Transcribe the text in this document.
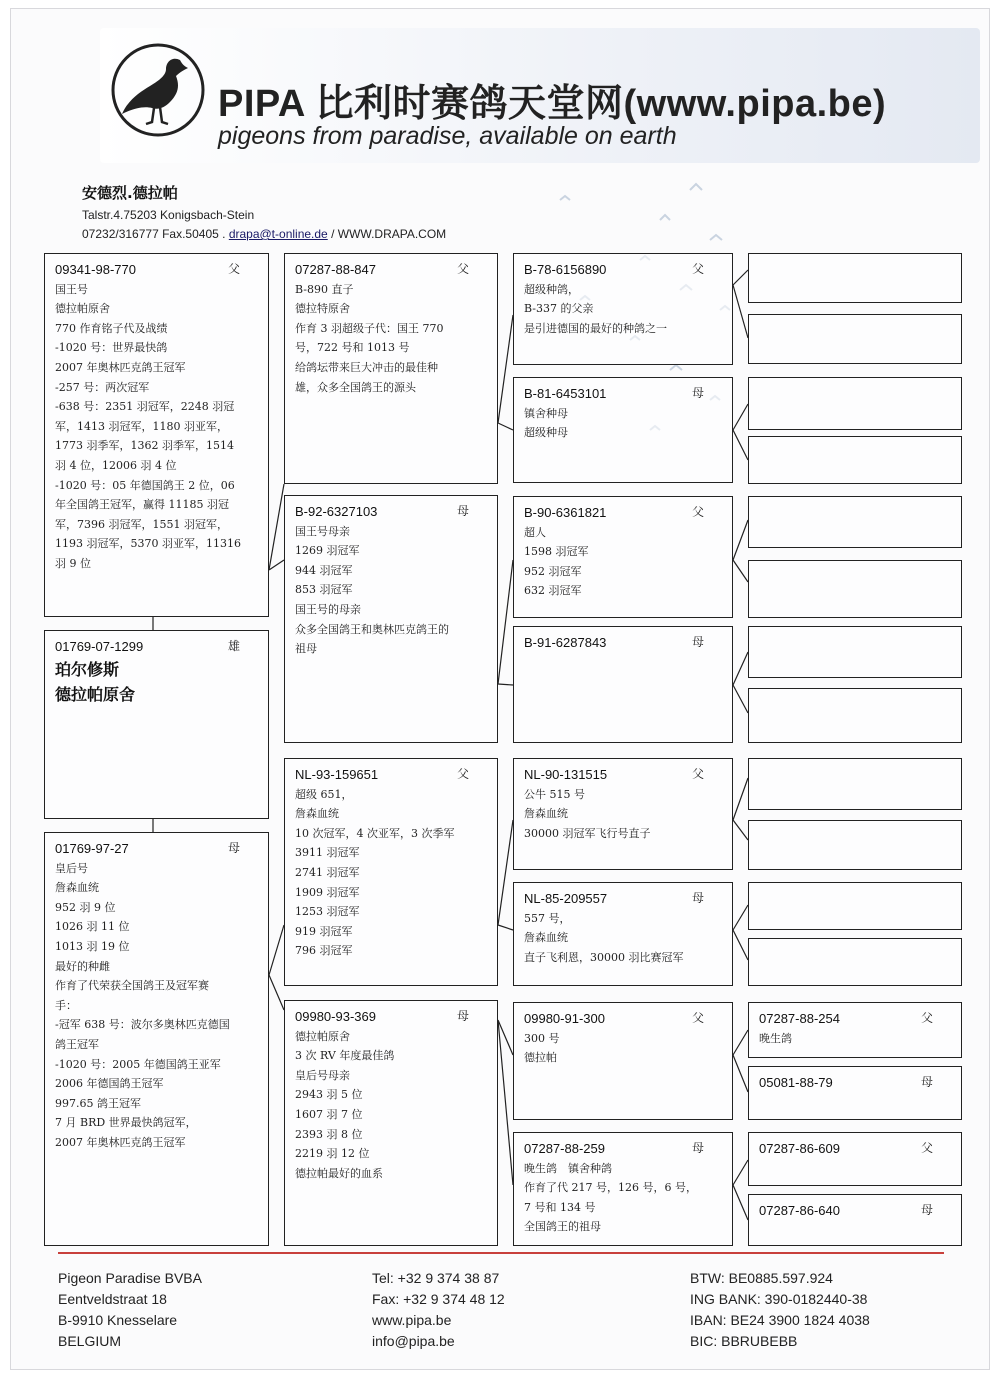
PIPA 比利时赛鸽天堂网(www.pipa.be)
pigeons from paradise, available on earth
安德烈.德拉帕
Talstr.4.75203 Konigsbach-Stein
07232/316777 Fax.50405 . drapa@t-online.de / WWW.DRAPA.COM
09341-98-770	父
国王号
德拉帕原舍
770 作育铭子代及战绩
-1020 号：世界最快鸽
2007 年奥林匹克鸽王冠军
-257 号：两次冠军
-638 号：2351 羽冠军，2248 羽冠
军，1413 羽冠军，1180 羽亚军，
1773 羽季军，1362 羽季军，1514
羽 4 位，12006 羽 4 位
-1020 号：05 年德国鸽王 2 位，06
年全国鸽王冠军，赢得 11185 羽冠
军，7396 羽冠军，1551 羽冠军，
1193 羽冠军，5370 羽亚军，11316
羽 9 位
01769-07-1299	雄
珀尔修斯
德拉帕原舍
01769-97-27	母
皇后号
詹森血统
952 羽 9 位
1026 羽 11 位
1013 羽 19 位
最好的种雌
作育了代荣获全国鸽王及冠军赛
手：
-冠军 638 号：波尔多奥林匹克德国
鸽王冠军
-1020 号：2005 年德国鸽王亚军
2006 年德国鸽王冠军
997.65 鸽王冠军
7 月 BRD 世界最快鸽冠军，
2007 年奥林匹克鸽王冠军
07287-88-847	父
B-890 直子
德拉特原舍
作育 3 羽超级子代：国王 770
号，722 号和 1013 号
给鸽坛带来巨大冲击的最佳种
雄，众多全国鸽王的源头
B-92-6327103	母
国王号母亲
1269 羽冠军
944 羽冠军
853 羽冠军
国王号的母亲
众多全国鸽王和奥林匹克鸽王的
祖母
NL-93-159651	父
超级 651，
詹森血统
10 次冠军，4 次亚军，3 次季军
3911 羽冠军
2741 羽冠军
1909 羽冠军
1253 羽冠军
919 羽冠军
796 羽冠军
09980-93-369	母
德拉帕原舍
3 次 RV 年度最佳鸽
皇后号母亲
2943 羽 5 位
1607 羽 7 位
2393 羽 8 位
2219 羽 12 位
德拉帕最好的血系
B-78-6156890	父
超级种鸽，
B-337 的父亲
是引进德国的最好的种鸽之一
B-81-6453101	母
镇舍种母
超级种母
B-90-6361821	父
超人
1598 羽冠军
952 羽冠军
632 羽冠军
B-91-6287843	母
NL-90-131515	父
公牛 515 号
詹森血统
30000 羽冠军飞行号直子
NL-85-209557	母
557 号，
詹森血统
直子飞利恩，30000 羽比赛冠军
09980-91-300	父
300 号
德拉帕
07287-88-259	母
晚生鸽　镇舍种鸽
作育了代 217 号，126 号，6 号，
7 号和 134 号
全国鸽王的祖母
07287-88-254	父
晚生鸽
05081-88-79	母
07287-86-609	父
07287-86-640	母
Pigeon Paradise BVBA
Eentveldstraat 18
B-9910 Knesselare
BELGIUM
Tel: +32 9 374 38 87
Fax: +32 9 374 48 12
www.pipa.be
info@pipa.be
BTW: BE0885.597.924
ING BANK: 390-0182440-38
IBAN: BE24 3900 1824 4038
BIC: BBRUBEBB
